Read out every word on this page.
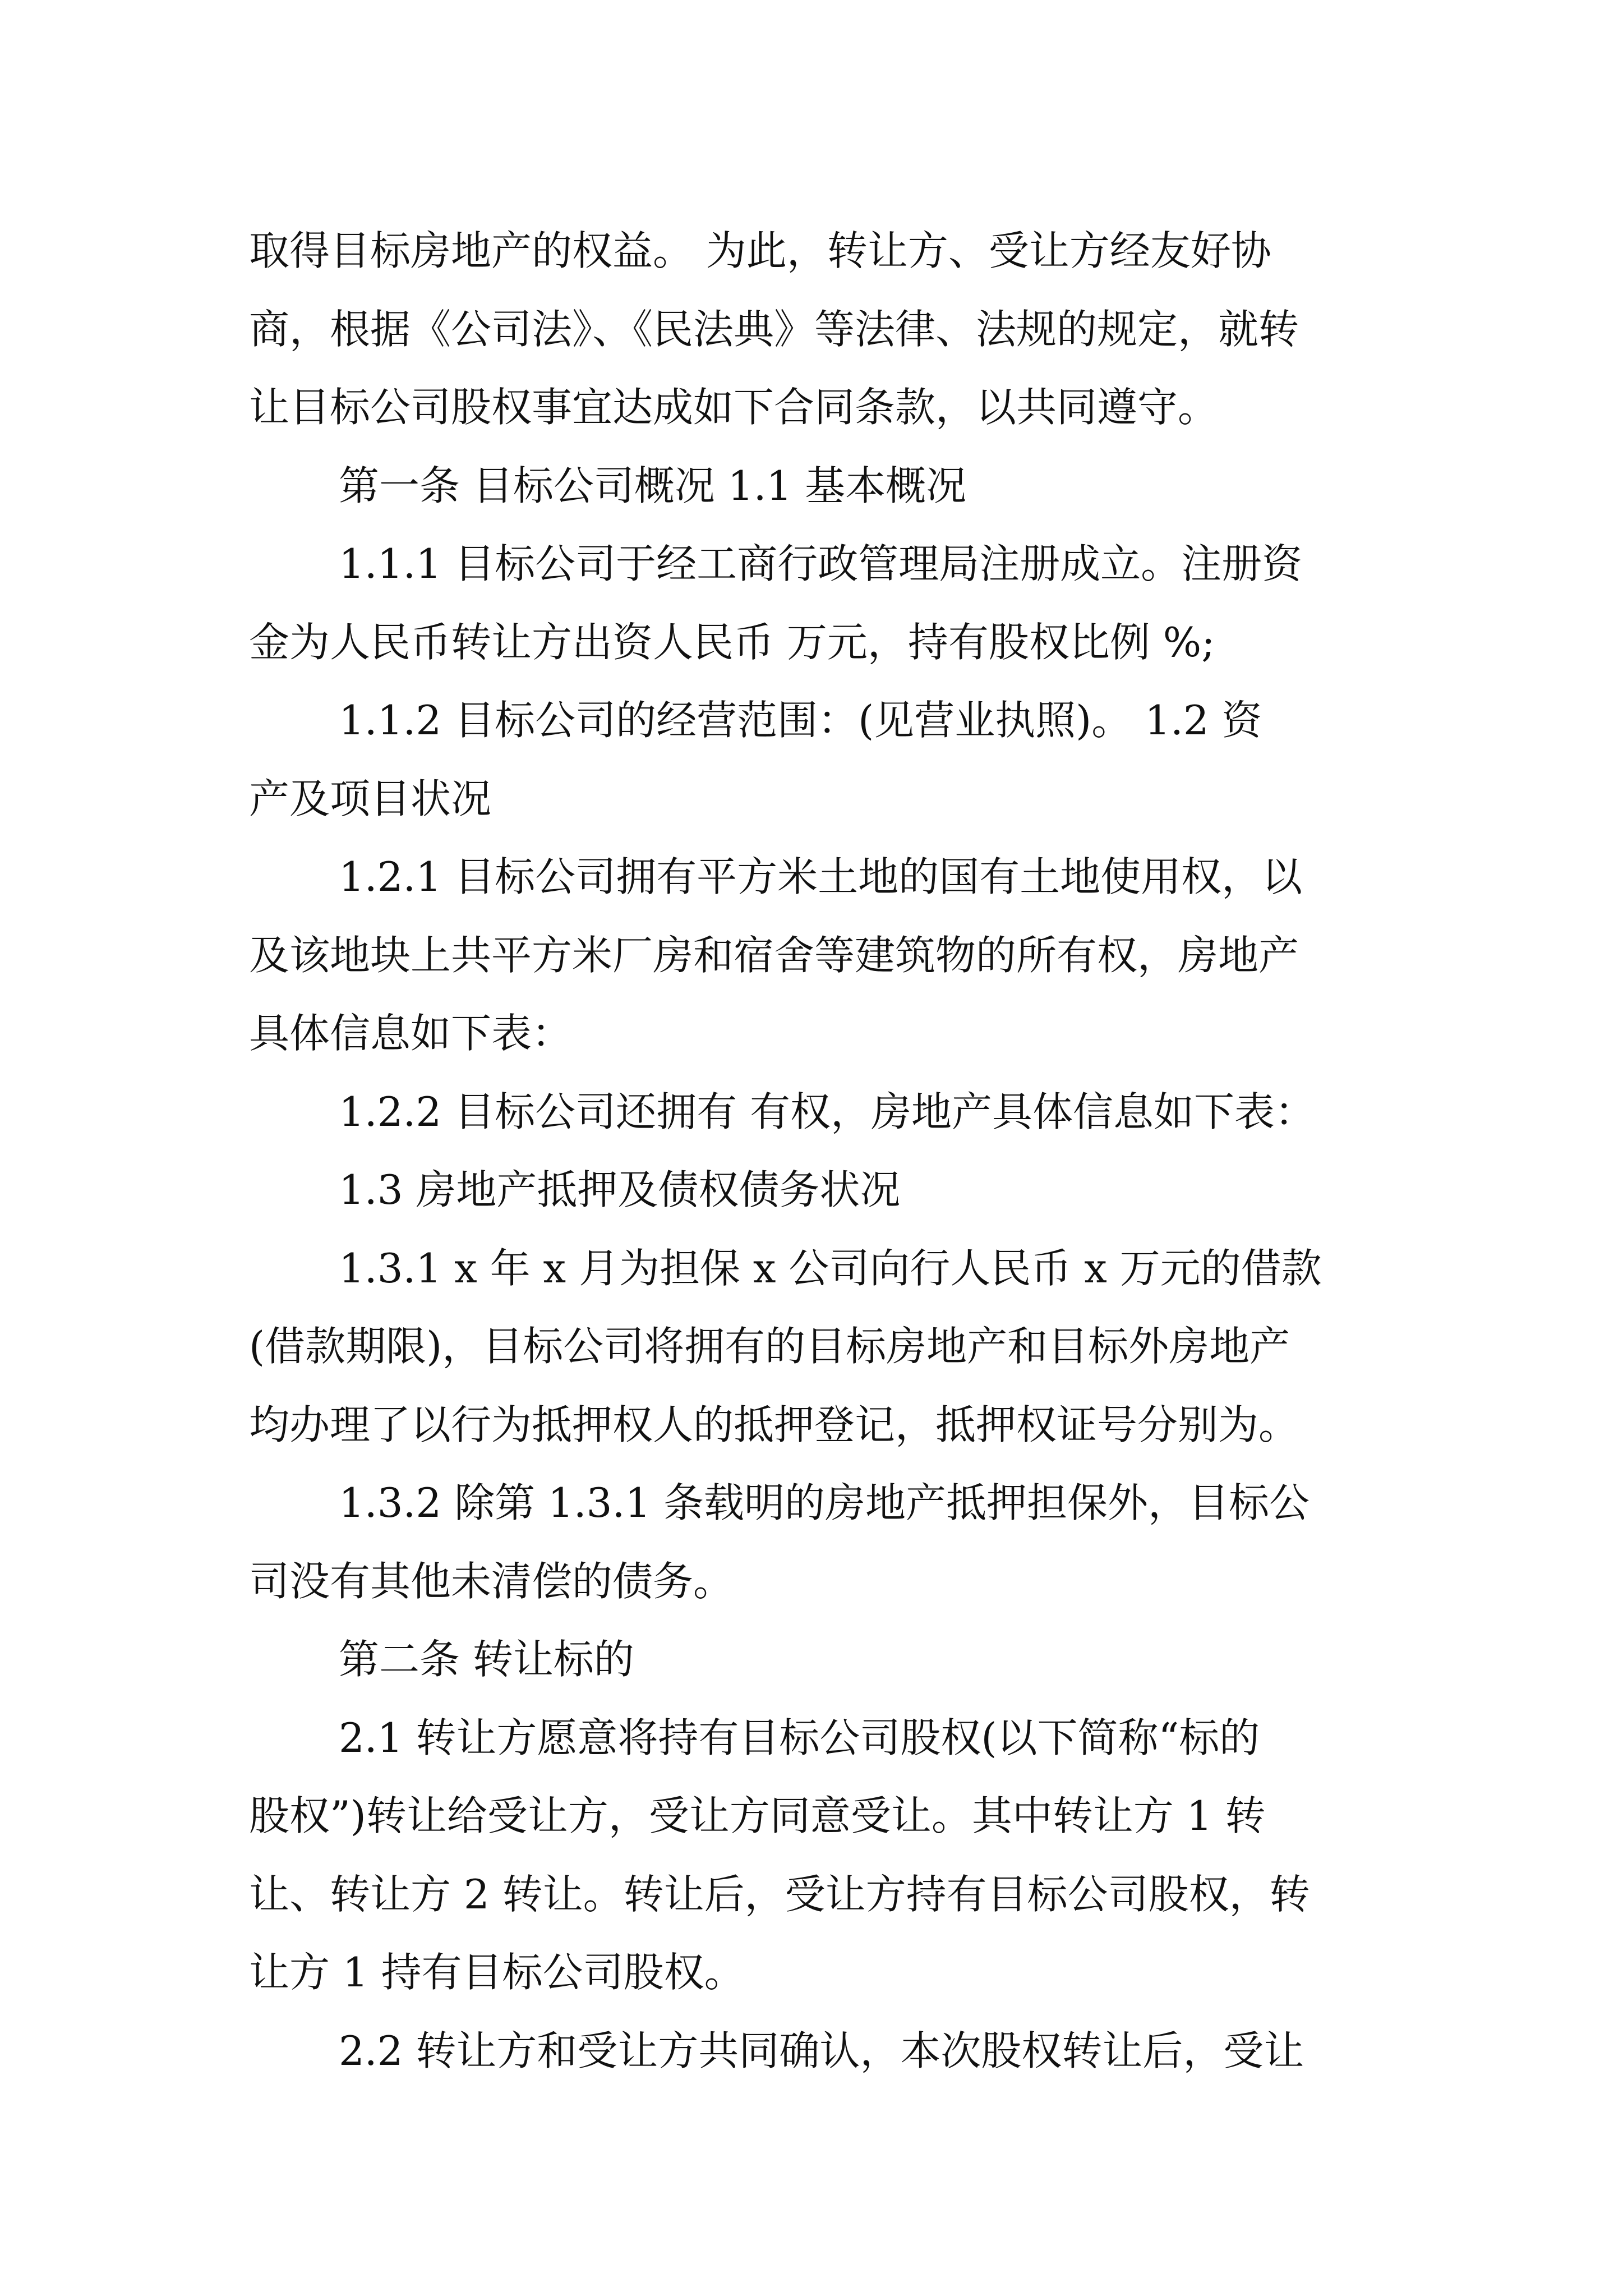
取得目标房地产的权益。 为此，转让方、受让方经友好协
商，根据《公司法》、《民法典》等法律、法规的规定，就转
让目标公司股权事宜达成如下合同条款，以共同遵守。
第一条 目标公司概况 1.1 基本概况
1.1.1 目标公司于经工商行政管理局注册成立。注册资
金为人民币转让方出资人民币 万元，持有股权比例 %;
1.1.2 目标公司的经营范围：(见营业执照)。 1.2 资
产及项目状况
1.2.1 目标公司拥有平方米土地的国有土地使用权，以
及该地块上共平方米厂房和宿舍等建筑物的所有权，房地产
具体信息如下表：
1.2.2 目标公司还拥有 有权，房地产具体信息如下表：
1.3 房地产抵押及债权债务状况
1.3.1 x 年 x 月为担保 x 公司向行人民币 x 万元的借款
(借款期限)，目标公司将拥有的目标房地产和目标外房地产
均办理了以行为抵押权人的抵押登记，抵押权证号分别为。
1.3.2 除第 1.3.1 条载明的房地产抵押担保外，目标公
司没有其他未清偿的债务。
第二条 转让标的
2.1 转让方愿意将持有目标公司股权(以下简称“标的
股权”)转让给受让方，受让方同意受让。其中转让方 1 转
让、转让方 2 转让。转让后，受让方持有目标公司股权，转
让方 1 持有目标公司股权。
2.2 转让方和受让方共同确认，本次股权转让后，受让
